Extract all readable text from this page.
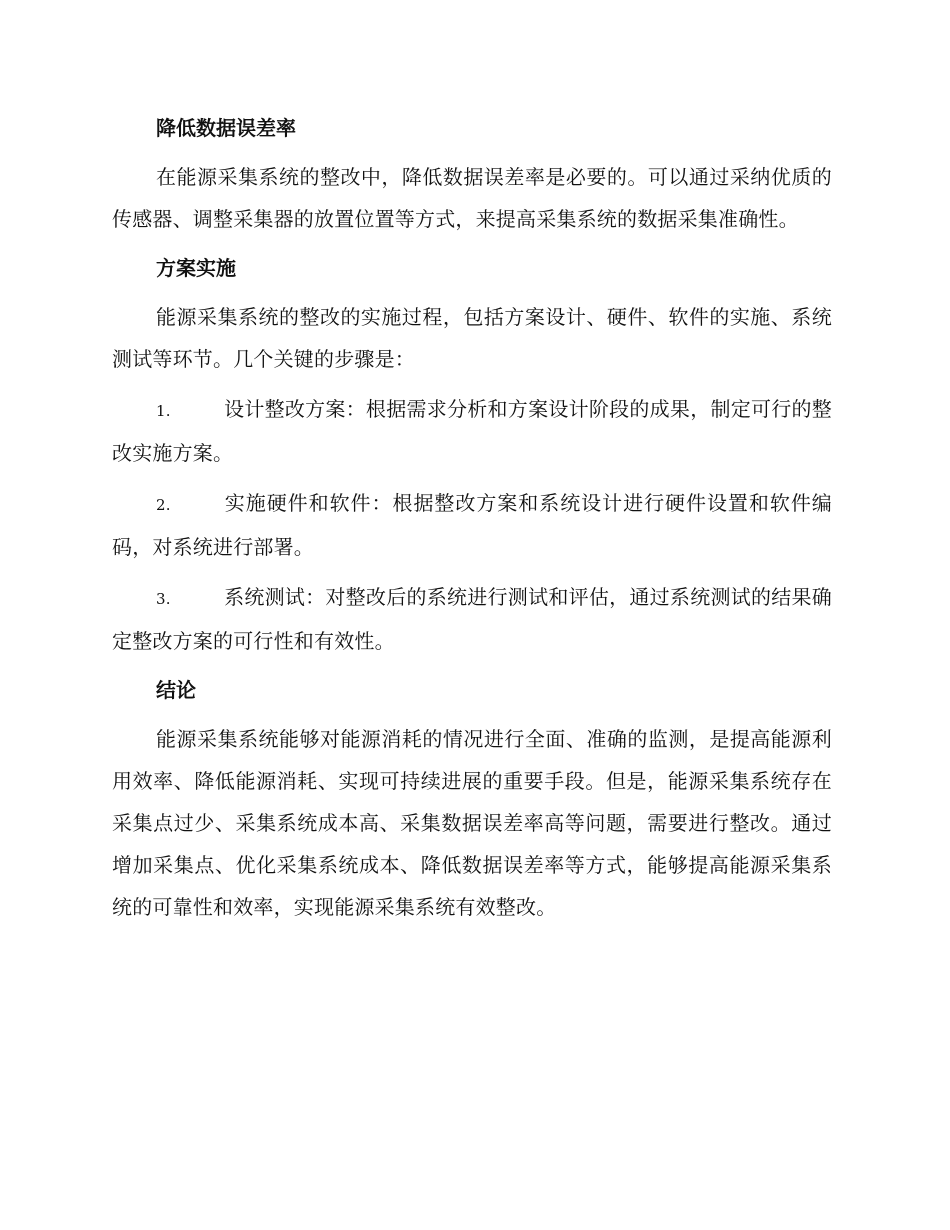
降低数据误差率

在能源采集系统的整改中，降低数据误差率是必要的。可以通过采纳优质的传感器、调整采集器的放置位置等方式，来提高采集系统的数据采集准确性。

方案实施

能源采集系统的整改的实施过程，包括方案设计、硬件、软件的实施、系统测试等环节。几个关键的步骤是：

1.	设计整改方案：根据需求分析和方案设计阶段的成果，制定可行的整改实施方案。

2.	实施硬件和软件：根据整改方案和系统设计进行硬件设置和软件编码，对系统进行部署。

3.	系统测试：对整改后的系统进行测试和评估，通过系统测试的结果确定整改方案的可行性和有效性。

结论

能源采集系统能够对能源消耗的情况进行全面、准确的监测，是提高能源利用效率、降低能源消耗、实现可持续进展的重要手段。但是，能源采集系统存在采集点过少、采集系统成本高、采集数据误差率高等问题，需要进行整改。通过增加采集点、优化采集系统成本、降低数据误差率等方式，能够提高能源采集系统的可靠性和效率，实现能源采集系统有效整改。
